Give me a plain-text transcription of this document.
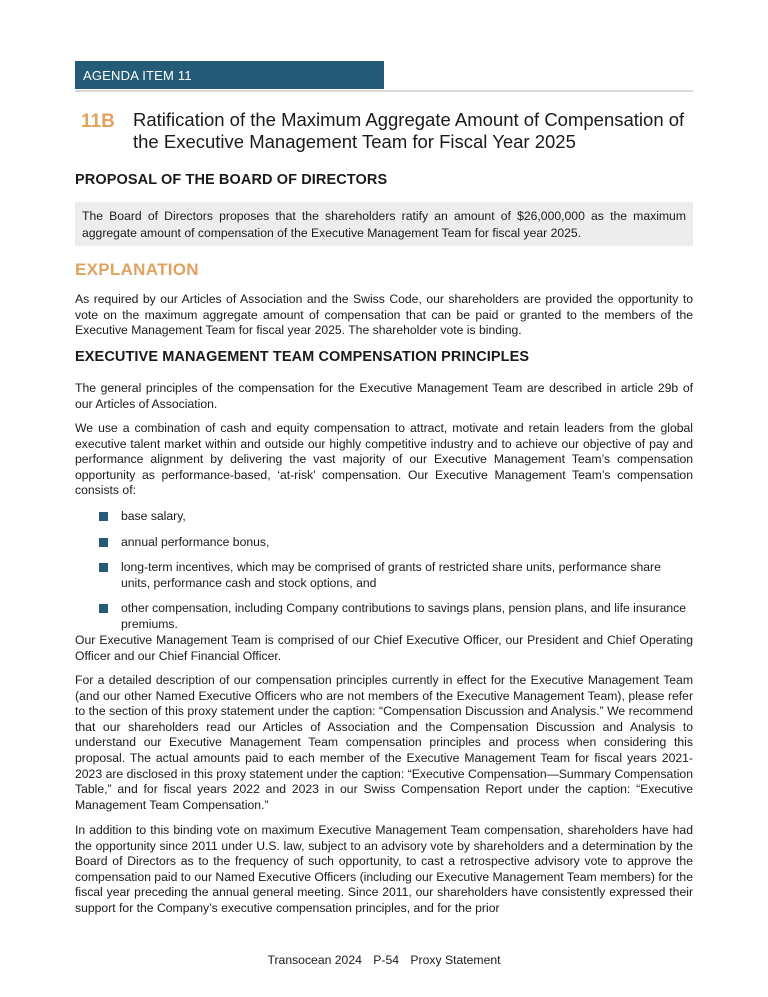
AGENDA ITEM 11
11B Ratification of the Maximum Aggregate Amount of Compensation of the Executive Management Team for Fiscal Year 2025
PROPOSAL OF THE BOARD OF DIRECTORS
The Board of Directors proposes that the shareholders ratify an amount of $26,000,000 as the maximum aggregate amount of compensation of the Executive Management Team for fiscal year 2025.
EXPLANATION

As required by our Articles of Association and the Swiss Code, our shareholders are provided the opportunity to vote on the maximum aggregate amount of compensation that can be paid or granted to the members of the Executive Management Team for fiscal year 2025. The shareholder vote is binding.

EXECUTIVE MANAGEMENT TEAM COMPENSATION PRINCIPLES

The general principles of the compensation for the Executive Management Team are described in article 29b of our Articles of Association.

We use a combination of cash and equity compensation to attract, motivate and retain leaders from the global executive talent market within and outside our highly competitive industry and to achieve our objective of pay and performance alignment by delivering the vast majority of our Executive Management Team’s compensation opportunity as performance-based, ‘at-risk’ compensation. Our Executive Management Team’s compensation consists of:

base salary,
annual performance bonus,
long-term incentives, which may be comprised of grants of restricted share units, performance share units, performance cash and stock options, and
other compensation, including Company contributions to savings plans, pension plans, and life insurance premiums.

Our Executive Management Team is comprised of our Chief Executive Officer, our President and Chief Operating Officer and our Chief Financial Officer.

For a detailed description of our compensation principles currently in effect for the Executive Management Team (and our other Named Executive Officers who are not members of the Executive Management Team), please refer to the section of this proxy statement under the caption: “Compensation Discussion and Analysis.” We recommend that our shareholders read our Articles of Association and the Compensation Discussion and Analysis to understand our Executive Management Team compensation principles and process when considering this proposal. The actual amounts paid to each member of the Executive Management Team for fiscal years 2021-2023 are disclosed in this proxy statement under the caption: “Executive Compensation—Summary Compensation Table,” and for fiscal years 2022 and 2023 in our Swiss Compensation Report under the caption: “Executive Management Team Compensation.”

In addition to this binding vote on maximum Executive Management Team compensation, shareholders have had the opportunity since 2011 under U.S. law, subject to an advisory vote by shareholders and a determination by the Board of Directors as to the frequency of such opportunity, to cast a retrospective advisory vote to approve the compensation paid to our Named Executive Officers (including our Executive Management Team members) for the fiscal year preceding the annual general meeting. Since 2011, our shareholders have consistently expressed their support for the Company’s executive compensation principles, and for the prior

Transocean 2024 P-54 Proxy Statement
